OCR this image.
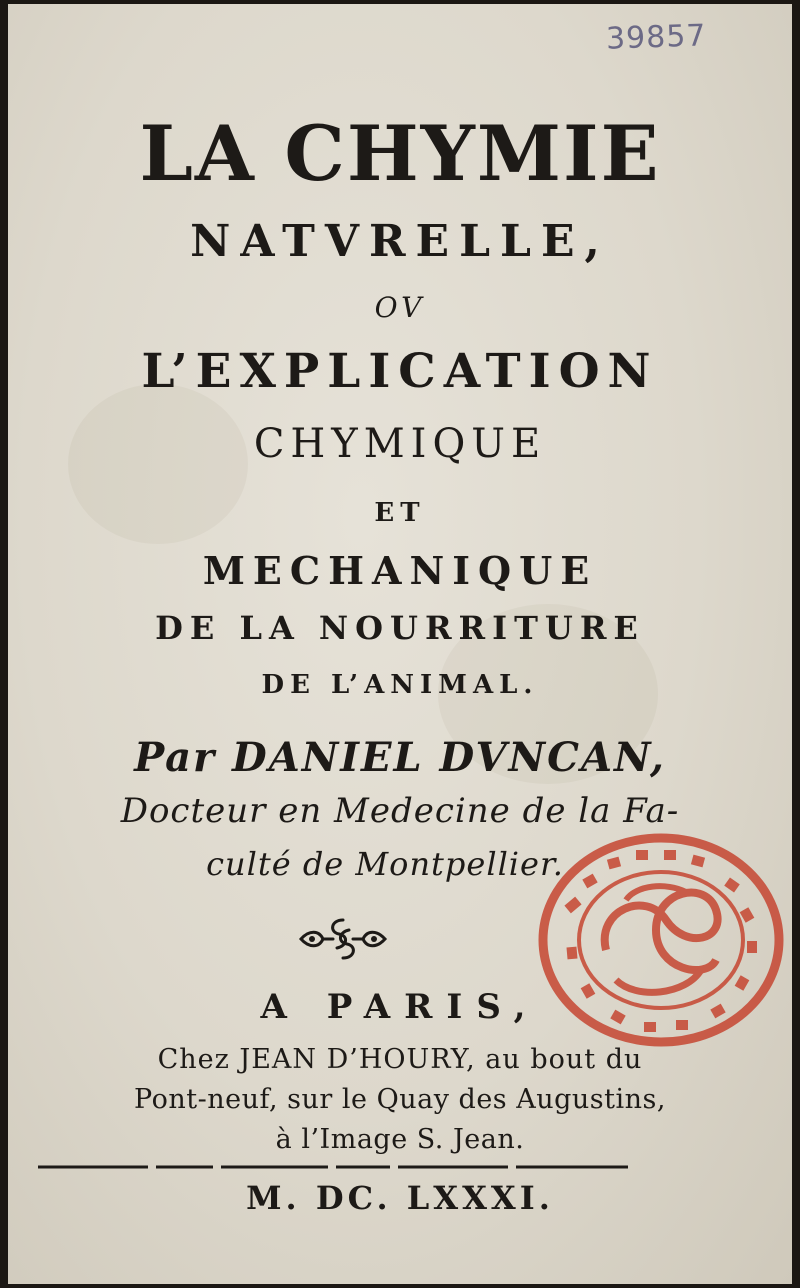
39857
LA CHYMIE
NATVRELLE,
OV
L’EXPLICATION
CHYMIQUE
ET
MECHANIQUE
DE LA NOURRITURE
DE L’ANIMAL.
Par DANIEL DVNCAN,
Docteur en Medecine de la Fa-
culté de Montpellier.
A PARIS,
Chez JEAN D’HOURY, au bout du
Pont-neuf, sur le Quay des Augustins,
à l’Image S. Jean.
M. DC. LXXXI.
